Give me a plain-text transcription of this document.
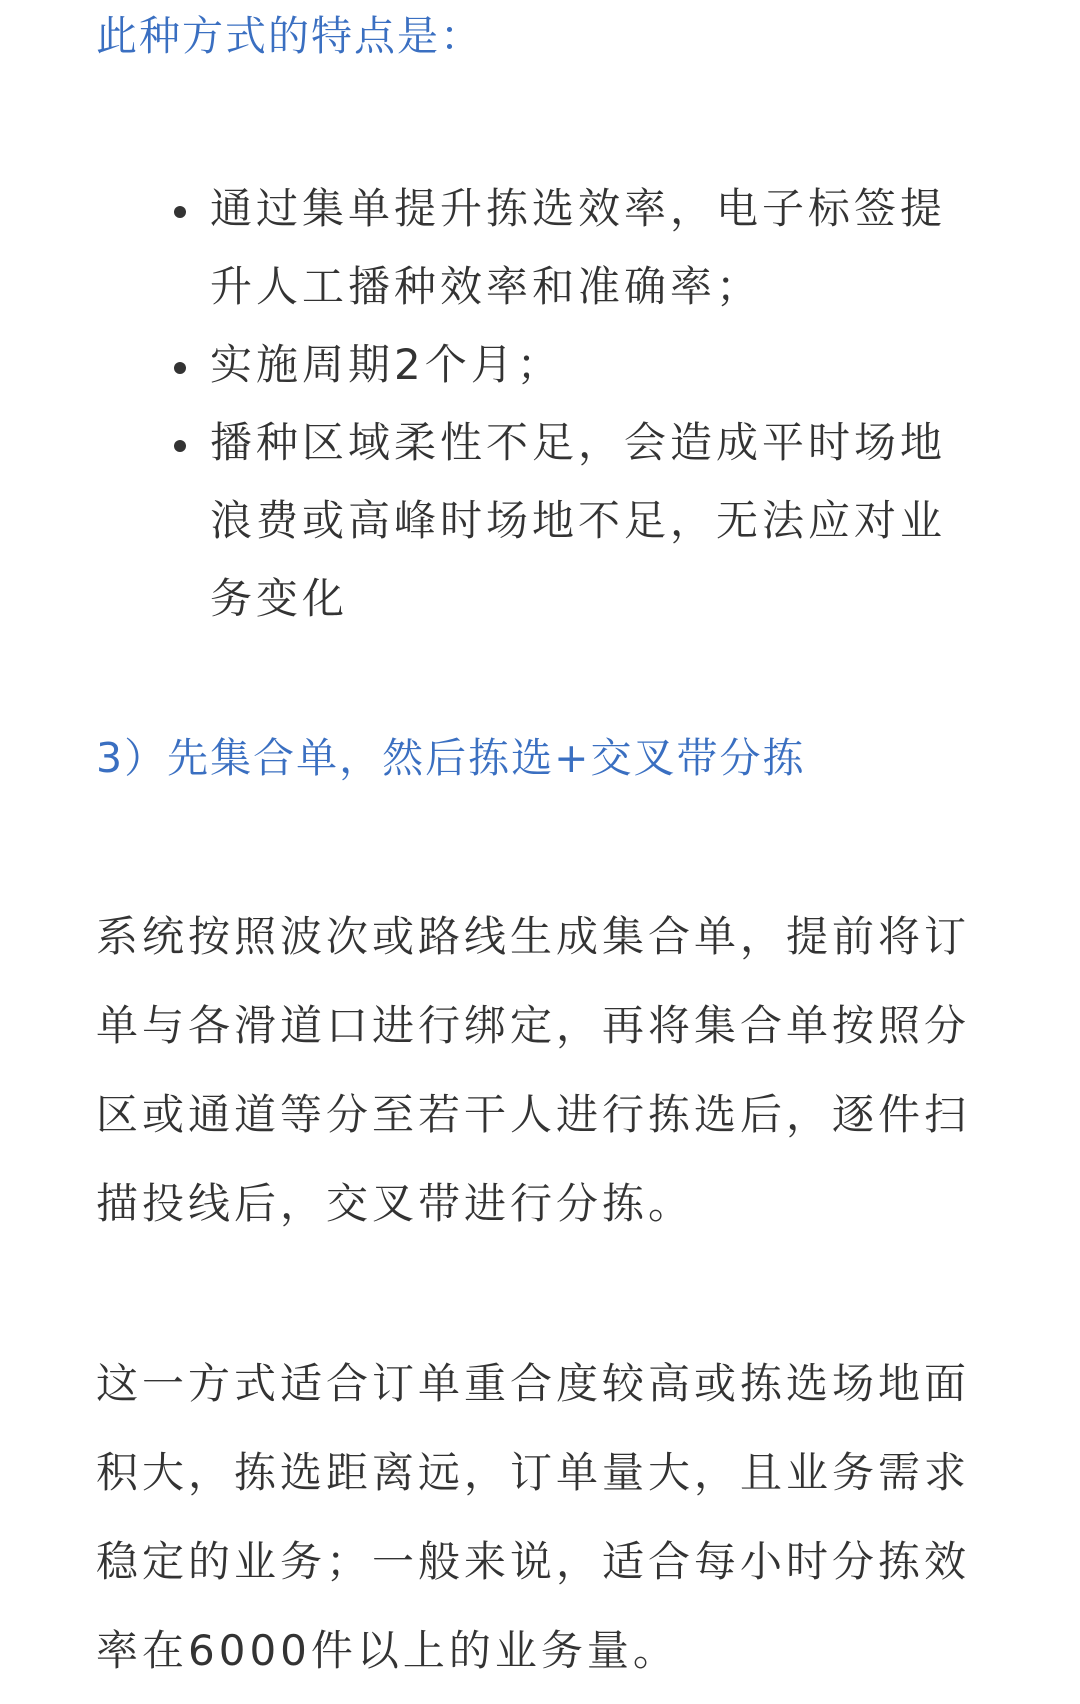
此种方式的特点是：
通过集单提升拣选效率，电子标签提升人工播种效率和准确率；
实施周期2个月；
播种区域柔性不足，会造成平时场地浪费或高峰时场地不足，无法应对业务变化
3）先集合单，然后拣选+交叉带分拣

系统按照波次或路线生成集合单，提前将订单与各滑道口进行绑定，再将集合单按照分区或通道等分至若干人进行拣选后，逐件扫描投线后，交叉带进行分拣。

这一方式适合订单重合度较高或拣选场地面积大，拣选距离远，订单量大，且业务需求稳定的业务；一般来说，适合每小时分拣效率在6000件以上的业务量。
